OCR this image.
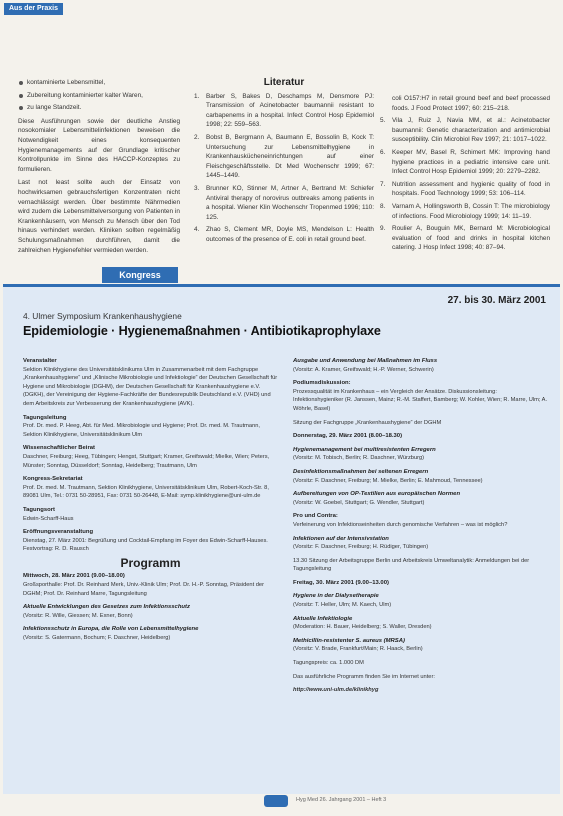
Aus der Praxis
kontaminierte Lebensmittel,
Zubereitung kontaminierter kalter Waren,
zu lange Standzeit.
Diese Ausführungen sowie der deutliche Anstieg nosokomialer Lebensmittelinfektionen beweisen die Notwendigkeit eines konsequenten Hygienemanagements auf der Grundlage kritischer Kontrollpunkte im Sinne des HACCP-Konzeptes zu formulieren.
Last not least sollte auch der Einsatz von hochwirksamen gebrauchsfertigen Konzentraten nicht vernachlässigt werden. Über bestimmte Nährmedien wird zudem die Lebensmittelversorgung von Patienten in Krankenhäusern, von Mensch zu Mensch über den Tod hinaus verhindert werden. Kliniken sollten regelmäßig Schulungsmaßnahmen durchführen, damit die zahlreichen Hygienefehler vermieden werden.
Literatur
1.	Barber S, Bakes D, Deschamps M, Densmore PJ: Transmission of Acinetobacter baumannii resistant to carbapenems in a hospital. Infect Control Hosp Epidemiol 1998; 22: 559–563.
2.	Bobst B, Bergmann A, Baumann E, Bossolin B, Kock T: Untersuchung zur Lebensmittelhygiene in Krankenhauskücheneinrichtungen auf einer Fleischgeschäftsstelle. Dt Med Wochenschr 1999; 67: 1445–1449.
3.	Brunner KO, Stinner M, Artner A, Bertrand M: Schiefer Antiviral therapy of norovirus outbreaks among patients in a hospital. Wiener Klin Wochenschr Tropenmed 1996; 110: 125.
4.	Zhao S, Clement MR, Doyle MS, Mendelson L: Health outcomes of the presence of E. coli in retail ground beef.
coli O157:H7 in retail ground beef and beef processed foods. J Food Protect 1997; 60: 215–218.
5.	Vila J, Ruiz J, Navia MM, et al.: Acinetobacter baumannii: Genetic characterization and antimicrobial susceptibility. Clin Microbiol Rev 1997; 21: 1017–1022.
6.	Keeper MV, Basel R, Schimert MK: Improving hand hygiene practices in a pediatric intensive care unit. Infect Control Hosp Epidemiol 1999; 20: 2279–2282.
7.	Nutrition assessment and hygienic quality of food in hospitals. Food Technology 1999; 53: 106–114.
8.	Varnam A, Hollingsworth B, Cossin T: The microbiology of infections. Food Microbiology 1999; 14: 11–19.
9.	Roulier A, Bouguin MK, Bernard M: Microbiological evaluation of food and drinks in hospital kitchen catering. J Hosp Infect 1998; 40: 87–94.
Kongress
27. bis 30. März 2001
4. Ulmer Symposium Krankenhaushygiene
Epidemiologie · Hygienemaßnahmen · Antibiotikaprophylaxe
Veranstalter
Sektion Klinikhygiene des Universitätsklinikums Ulm in Zusammenarbeit mit dem Fachgruppe „Krankenhaushygiene“ und „Klinische Mikrobiologie und Infektiologie“ der Deutschen Gesellschaft für Hygiene und Mikrobiologie (DGHM), der Deutschen Gesellschaft für Krankenhaushygiene e.V. (DGKH), der Vereinigung der Hygiene-Fachkräfte der Bundesrepublik Deutschland e.V. (VHD) und dem Arbeitskreis zur Verbesserung der Krankenhaushygiene (AVK).
Tagungsleitung
Prof. Dr. med. P. Heeg, Abt. für Med. Mikrobiologie und Hygiene; Prof. Dr. med. M. Trautmann, Sektion Klinikhygiene, Universitätsklinikum Ulm
Wissenschaftlicher Beirat
Daschner, Freiburg; Heeg, Tübingen; Hengst, Stuttgart; Kramer, Greifswald; Mielke, Wien; Peters, Münster; Sonntag, Düsseldorf; Sonntag, Heidelberg; Trautmann, Ulm
Kongress-Sekretariat
Prof. Dr. med. M. Trautmann, Sektion Klinikhygiene, Universitätsklinikum Ulm, Robert-Koch-Str. 8, 89081 Ulm, Tel.: 0731 50-28951, Fax: 0731 50-26448, E-Mail: symp.klinikhygiene@uni-ulm.de
Tagungsort
Edwin-Scharff-Haus
Eröffnungsveranstaltung
Dienstag, 27. März 2001: Begrüßung und Cocktail-Empfang im Foyer des Edwin-Scharff-Hauses. Festvortrag: R. D. Rausch
Programm
Mittwoch, 28. März 2001 (9.00–18.00)
Großsporthalle: Prof. Dr. Reinhard Merk, Univ.-Klinik Ulm; Prof. Dr. H.-P. Sonntag, Präsident der DGHM; Prof. Dr. Reinhard Marre, Tagungsleitung
Aktuelle Entwicklungen des Gesetzes zum Infektionsschutz
(Vorsitz: R. Wille, Giessen; M. Exner, Bonn)
Infektionsschutz in Europa, die Rolle von Lebensmittelhygiene
(Vorsitz: S. Gatermann, Bochum; F. Daschner, Heidelberg)
Ausgabe und Anwendung bei Maßnahmen im Fluss
(Vorsitz: A. Kramer, Greifswald; H.-P. Werner, Schwerin)
Podiumsdiskussion:
Prozessqualität im Krankenhaus – ein Vergleich der Ansätze. Diskussionsleitung: Infektionshygieniker (R. Janssen, Mainz; R.-M. Staffert, Bamberg; W. Kohler, Wien; R. Marre, Ulm; A. Wöhrle, Basel)
Sitzung der Fachgruppe „Krankenhaushygiene“ der DGHM
Donnerstag, 29. März 2001 (8.00–18.30)
Hygienemanagement bei multiresistenten Erregern
(Vorsitz: M. Tobisch, Berlin; R. Daschner, Würzburg)
Desinfektionsmaßnahmen bei seltenen Erregern
(Vorsitz: F. Daschner, Freiburg; M. Mielke, Berlin; E. Mahmoud, Tennessee)
Aufbereitungen von OP-Textilien aus europäischen Normen
(Vorsitz: W. Goebel, Stuttgart; G. Wendler, Stuttgart)
Pro und Contra:
Verfeinerung von Infektionseinheiten durch genomische Verfahren – was ist möglich?
Infektionen auf der Intensivstation
(Vorsitz: F. Daschner, Freiburg; H. Rüdiger, Tübingen)
13.30 Sitzung der Arbeitsgruppe Berlin und Arbeitskreis Umweltanalytik: Anmeldungen bei der Tagungsleitung
Freitag, 30. März 2001 (9.00–13.00)
Hygiene in der Dialysetherapie
(Vorsitz: T. Heller, Ulm; M. Kaech, Ulm)
Aktuelle Infektiologie
(Moderation: H. Bauer, Heidelberg; S. Waller, Dresden)
Methicillin-resistenter S. aureus (MRSA)
(Vorsitz: V. Brade, Frankfurt/Main; R. Haack, Berlin)
Tagungspreis: ca. 1.000 DM
Das ausführliche Programm finden Sie im Internet unter:
http://www.uni-ulm.de/klinikhyg
Hyg Med 26. Jahrgang 2001 – Heft 3
